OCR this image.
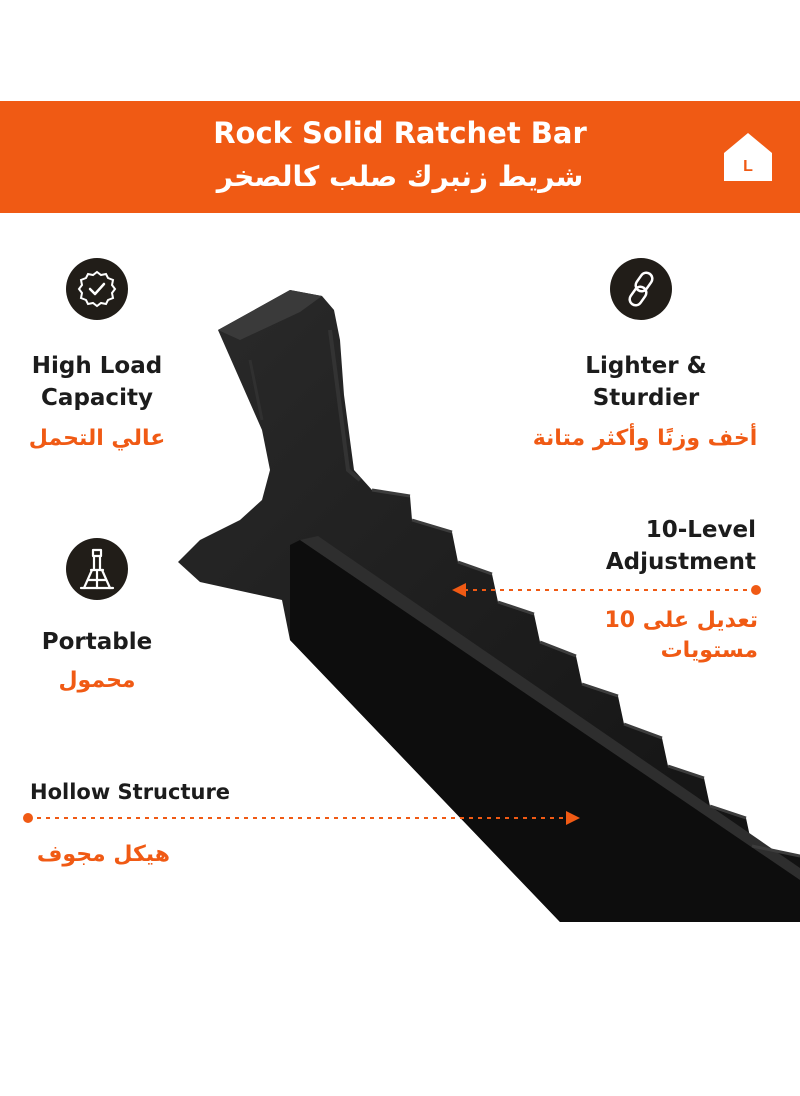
Rock Solid Ratchet Bar
شريط زنبرك صلب كالصخر	L
High Load
Capacity
عالي التحمل
Lighter &
Sturdier
أخف وزنًا وأكثر متانة
Portable
محمول
10-Level
Adjustment
تعديل على 10
مستويات
Hollow Structure
هيكل مجوف
